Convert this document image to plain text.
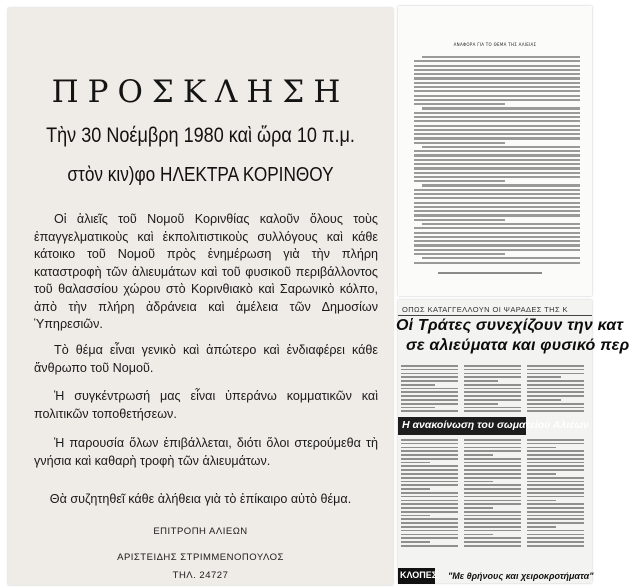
ΠΡΟΣΚΛΗΣΗ
Τὴν 30 Νοέμβρη 1980 καὶ ὥρα 10 π.μ.
στὸν κιν)φο ΗΛΕΚΤΡΑ ΚΟΡΙΝΘΟΥ

Οἱ ἁλιεῖς τοῦ Νομοῦ Κορινθίας καλοῦν ὅλους τοὺς ἐπαγγελματικοὺς καὶ ἐκπολιτιστικοὺς συλλόγους καὶ κάθε κάτοικο τοῦ Νομοῦ πρὸς ἐνημέρωση γιὰ τὴν πλήρη καταστροφὴ τῶν ἁλιευμάτων καὶ τοῦ φυσικοῦ περιβάλλοντος τοῦ θαλασσίου χώρου στὸ Κορινθιακὸ καὶ Σαρωνικὸ κόλπο, ἀπὸ τὴν πλήρη ἀδράνεια καὶ ἀμέλεια τῶν Δημοσίων Ὑπηρεσιῶν.

Τὸ θέμα εἶναι γενικὸ καὶ ἀπώτερο καὶ ἐνδιαφέρει κάθε ἄνθρωπο τοῦ Νομοῦ.

Ἡ συγκέντρωσή μας εἶναι ὑπεράνω κομματικῶν καὶ πολιτικῶν τοποθετήσεων.

Ἡ παρουσία ὅλων ἐπιβάλλεται, διότι ὅλοι στερούμεθα τὴ γνήσια καὶ καθαρὴ τροφὴ τῶν ἁλιευμάτων.

Θὰ συζητηθεῖ κάθε ἀλήθεια γιὰ τὸ ἐπίκαιρο αὐτὸ θέμα.

ΕΠΙΤΡΟΠΗ ΑΛΙΕΩΝ

ΑΡΙΣΤΕΙΔΗΣ ΣΤΡΙΜΜΕΝΟΠΟΥΛΟΣ

ΤΗΛ. 24727

ΑΝΑΦΟΡΑ ΓΙΑ ΤΟ ΘΕΜΑ ΤΗΣ ΑΛΙΕΙΑΣ
ΟΠΩΣ ΚΑΤΑΓΓΕΛΛΟΥΝ ΟΙ ΨΑΡΑΔΕΣ ΤΗΣ Κ
Οἱ Τράτες συνεχίζουν την κατ
σε αλιεύματα και φυσικό περ
Η ανακοίνωση του σωματείου Αλιέων
ΚΛΟΠΕΣ "Με θρήνους και χειροκροτήματα"
